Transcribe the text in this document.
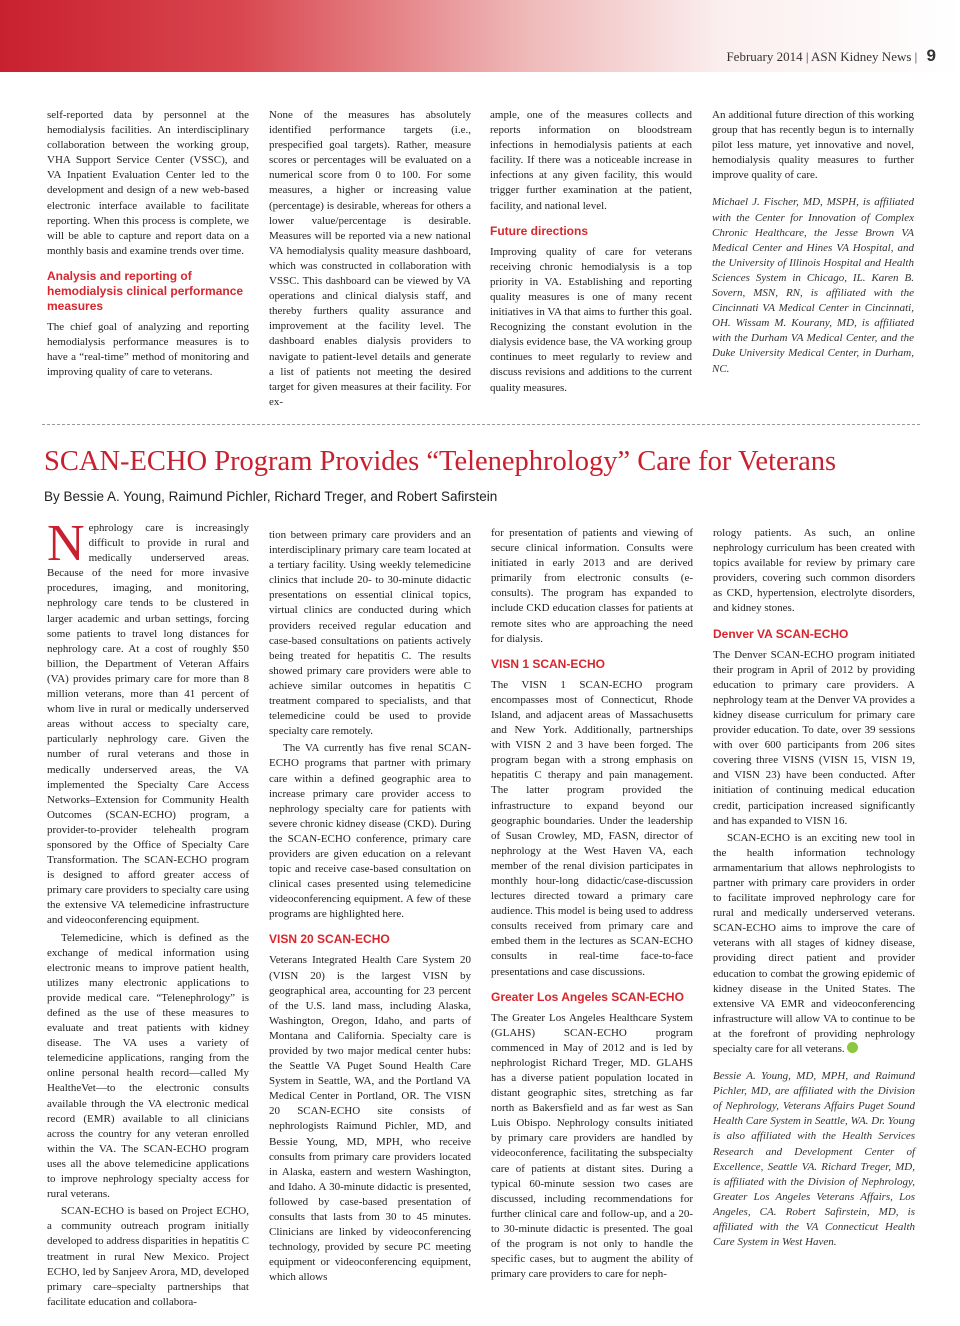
February 2014 | ASN Kidney News | 9

self-reported data by personnel at the hemodialysis facilities. An interdisciplinary collaboration between the working group, VHA Support Service Center (VSSC), and VA Inpatient Evaluation Center led to the development and design of a new web-based electronic interface available to facilitate reporting. When this process is complete, we will be able to capture and report data on a monthly basis and examine trends over time.

Analysis and reporting of hemodialysis clinical performance measures

The chief goal of analyzing and reporting hemodialysis performance measures is to have a “real-time” method of monitoring and improving quality of care to veterans.

None of the measures has absolutely identified performance targets (i.e., prespecified goal targets). Rather, measure scores or percentages will be evaluated on a numerical score from 0 to 100. For some measures, a higher or increasing value (percentage) is desirable, whereas for others a lower value/percentage is desirable. Measures will be reported via a new national VA hemodialysis quality measure dashboard, which was constructed in collaboration with VSSC. This dashboard can be viewed by VA operations and clinical dialysis staff, and thereby furthers quality assurance and improvement at the facility level. The dashboard enables dialysis providers to navigate to patient-level details and generate a list of patients not meeting the desired target for given measures at their facility. For ex-

ample, one of the measures collects and reports information on bloodstream infections in hemodialysis patients at each facility. If there was a noticeable increase in infections at any given facility, this would trigger further examination at the patient, facility, and national level.

Future directions

Improving quality of care for veterans receiving chronic hemodialysis is a top priority in VA. Establishing and reporting quality measures is one of many recent initiatives in VA that aims to further this goal. Recognizing the constant evolution in the dialysis evidence base, the VA working group continues to meet regularly to review and discuss revisions and additions to the current quality measures.

An additional future direction of this working group that has recently begun is to internally pilot less mature, yet innovative and novel, hemodialysis quality measures to further improve quality of care.

Michael J. Fischer, MD, MSPH, is affiliated with the Center for Innovation of Complex Chronic Healthcare, the Jesse Brown VA Medical Center and Hines VA Hospital, and the University of Illinois Hospital and Health Sciences System in Chicago, IL. Karen B. Sovern, MSN, RN, is affiliated with the Cincinnati VA Medical Center in Cincinnati, OH. Wissam M. Kourany, MD, is affiliated with the Durham VA Medical Center, and the Duke University Medical Center, in Durham, NC.

SCAN-ECHO Program Provides “Telenephrology” Care for Veterans
By Bessie A. Young, Raimund Pichler, Richard Treger, and Robert Safirstein

Nephrology care is increasingly difficult to provide in rural and medically underserved areas. Because of the need for more invasive procedures, imaging, and monitoring, nephrology care tends to be clustered in larger academic and urban settings, forcing some patients to travel long distances for nephrology care. At a cost of roughly $50 billion, the Department of Veteran Affairs (VA) provides primary care for more than 8 million veterans, more than 41 percent of whom live in rural or medically underserved areas without access to specialty care, particularly nephrology care. Given the number of rural veterans and those in medically underserved areas, the VA implemented the Specialty Care Access Networks–Extension for Community Health Outcomes (SCAN-ECHO) program, a provider-to-provider telehealth program sponsored by the Office of Specialty Care Transformation. The SCAN-ECHO program is designed to afford greater access of primary care providers to specialty care using the extensive VA telemedicine infrastructure and videoconferencing equipment.

Telemedicine, which is defined as the exchange of medical information using electronic means to improve patient health, utilizes many electronic applications to provide medical care. “Telenephrology” is defined as the use of these measures to evaluate and treat patients with kidney disease. The VA uses a variety of telemedicine applications, ranging from the online personal health record—called My HealtheVet—to the electronic consults available through the VA electronic medical record (EMR) available to all clinicians across the country for any veteran enrolled within the VA. The SCAN-ECHO program uses all the above telemedicine applications to improve nephrology specialty access for rural veterans.

SCAN-ECHO is based on Project ECHO, a community outreach program initially developed to address disparities in hepatitis C treatment in rural New Mexico. Project ECHO, led by Sanjeev Arora, MD, developed primary care–specialty partnerships that facilitate education and collabora-

tion between primary care providers and an interdisciplinary primary care team located at a tertiary facility. Using weekly telemedicine clinics that include 20- to 30-minute didactic presentations on essential clinical topics, virtual clinics are conducted during which providers received regular education and case-based consultations on patients actively being treated for hepatitis C. The results showed primary care providers were able to achieve similar outcomes in hepatitis C treatment compared to specialists, and that telemedicine could be used to provide specialty care remotely.

The VA currently has five renal SCAN-ECHO programs that partner with primary care within a defined geographic area to increase primary care provider access to nephrology specialty care for patients with severe chronic kidney disease (CKD). During the SCAN-ECHO conference, primary care providers are given education on a relevant topic and receive case-based consultation on clinical cases presented using telemedicine videoconferencing equipment. A few of these programs are highlighted here.

VISN 20 SCAN-ECHO

Veterans Integrated Health Care System 20 (VISN 20) is the largest VISN by geographical area, accounting for 23 percent of the U.S. land mass, including Alaska, Washington, Oregon, Idaho, and parts of Montana and California. Specialty care is provided by two major medical center hubs: the Seattle VA Puget Sound Health Care System in Seattle, WA, and the Portland VA Medical Center in Portland, OR. The VISN 20 SCAN-ECHO site consists of nephrologists Raimund Pichler, MD, and Bessie Young, MD, MPH, who receive consults from primary care providers located in Alaska, eastern and western Washington, and Idaho. A 30-minute didactic is presented, followed by case-based presentation of consults that lasts from 30 to 45 minutes. Clinicians are linked by videoconferencing technology, provided by secure PC meeting equipment or videoconferencing equipment, which allows

for presentation of patients and viewing of secure clinical information. Consults were initiated in early 2013 and are derived primarily from electronic consults (e-consults). The program has expanded to include CKD education classes for patients at remote sites who are approaching the need for dialysis.

VISN 1 SCAN-ECHO

The VISN 1 SCAN-ECHO program encompasses most of Connecticut, Rhode Island, and adjacent areas of Massachusetts and New York. Additionally, partnerships with VISN 2 and 3 have been forged. The program began with a strong emphasis on hepatitis C therapy and pain management. The latter program provided the infrastructure to expand beyond our geographic boundaries. Under the leadership of Susan Crowley, MD, FASN, director of nephrology at the West Haven VA, each member of the renal division participates in monthly hour-long didactic/case-discussion lectures directed toward a primary care audience. This model is being used to address consults received from primary care and embed them in the lectures as SCAN-ECHO consults in real-time face-to-face presentations and case discussions.

Greater Los Angeles SCAN-ECHO

The Greater Los Angeles Healthcare System (GLAHS) SCAN-ECHO program commenced in May of 2012 and is led by nephrologist Richard Treger, MD. GLAHS has a diverse patient population located in distant geographic sites, stretching as far north as Bakersfield and as far west as San Luis Obispo. Nephrology consults initiated by primary care providers are handled by videoconference, facilitating the subspecialty care of patients at distant sites. During a typical 60-minute session two cases are discussed, including recommendations for further clinical care and follow-up, and a 20- to 30-minute didactic is presented. The goal of the program is not only to handle the specific cases, but to augment the ability of primary care providers to care for neph-

rology patients. As such, an online nephrology curriculum has been created with topics available for review by primary care providers, covering such common disorders as CKD, hypertension, electrolyte disorders, and kidney stones.

Denver VA SCAN-ECHO

The Denver SCAN-ECHO program initiated their program in April of 2012 by providing education to primary care providers. A nephrology team at the Denver VA provides a kidney disease curriculum for primary care provider education. To date, over 39 sessions with over 600 participants from 206 sites covering three VISNS (VISN 15, VISN 19, and VISN 23) have been conducted. After initiation of continuing medical education credit, participation increased significantly and has expanded to VISN 16.

SCAN-ECHO is an exciting new tool in the health information technology armamentarium that allows nephrologists to partner with primary care providers in order to facilitate improved nephrology care for rural and medically underserved veterans. SCAN-ECHO aims to improve the care of veterans with all stages of kidney disease, providing direct patient and provider education to combat the growing epidemic of kidney disease in the United States. The extensive VA EMR and videoconferencing infrastructure will allow VA to continue to be at the forefront of providing nephrology specialty care for all veterans.

Bessie A. Young, MD, MPH, and Raimund Pichler, MD, are affiliated with the Division of Nephrology, Veterans Affairs Puget Sound Health Care System in Seattle, WA. Dr. Young is also affiliated with the Health Services Research and Development Center of Excellence, Seattle VA. Richard Treger, MD, is affiliated with the Division of Nephrology, Greater Los Angeles Veterans Affairs, Los Angeles, CA. Robert Safirstein, MD, is affiliated with the VA Connecticut Health Care System in West Haven.
